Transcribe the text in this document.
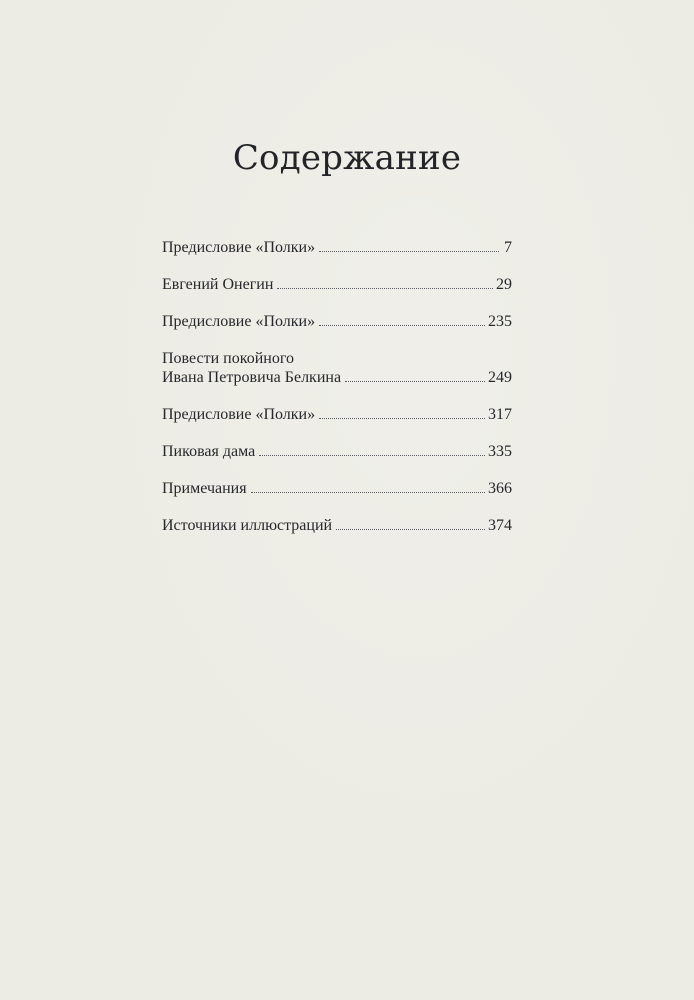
Содержание
Предисловие «Полки»	7
Евгений Онегин	29
Предисловие «Полки»	235
Повести покойного
Ивана Петровича Белкина	249
Предисловие «Полки»	317
Пиковая дама	335
Примечания	366
Источники иллюстраций	374
